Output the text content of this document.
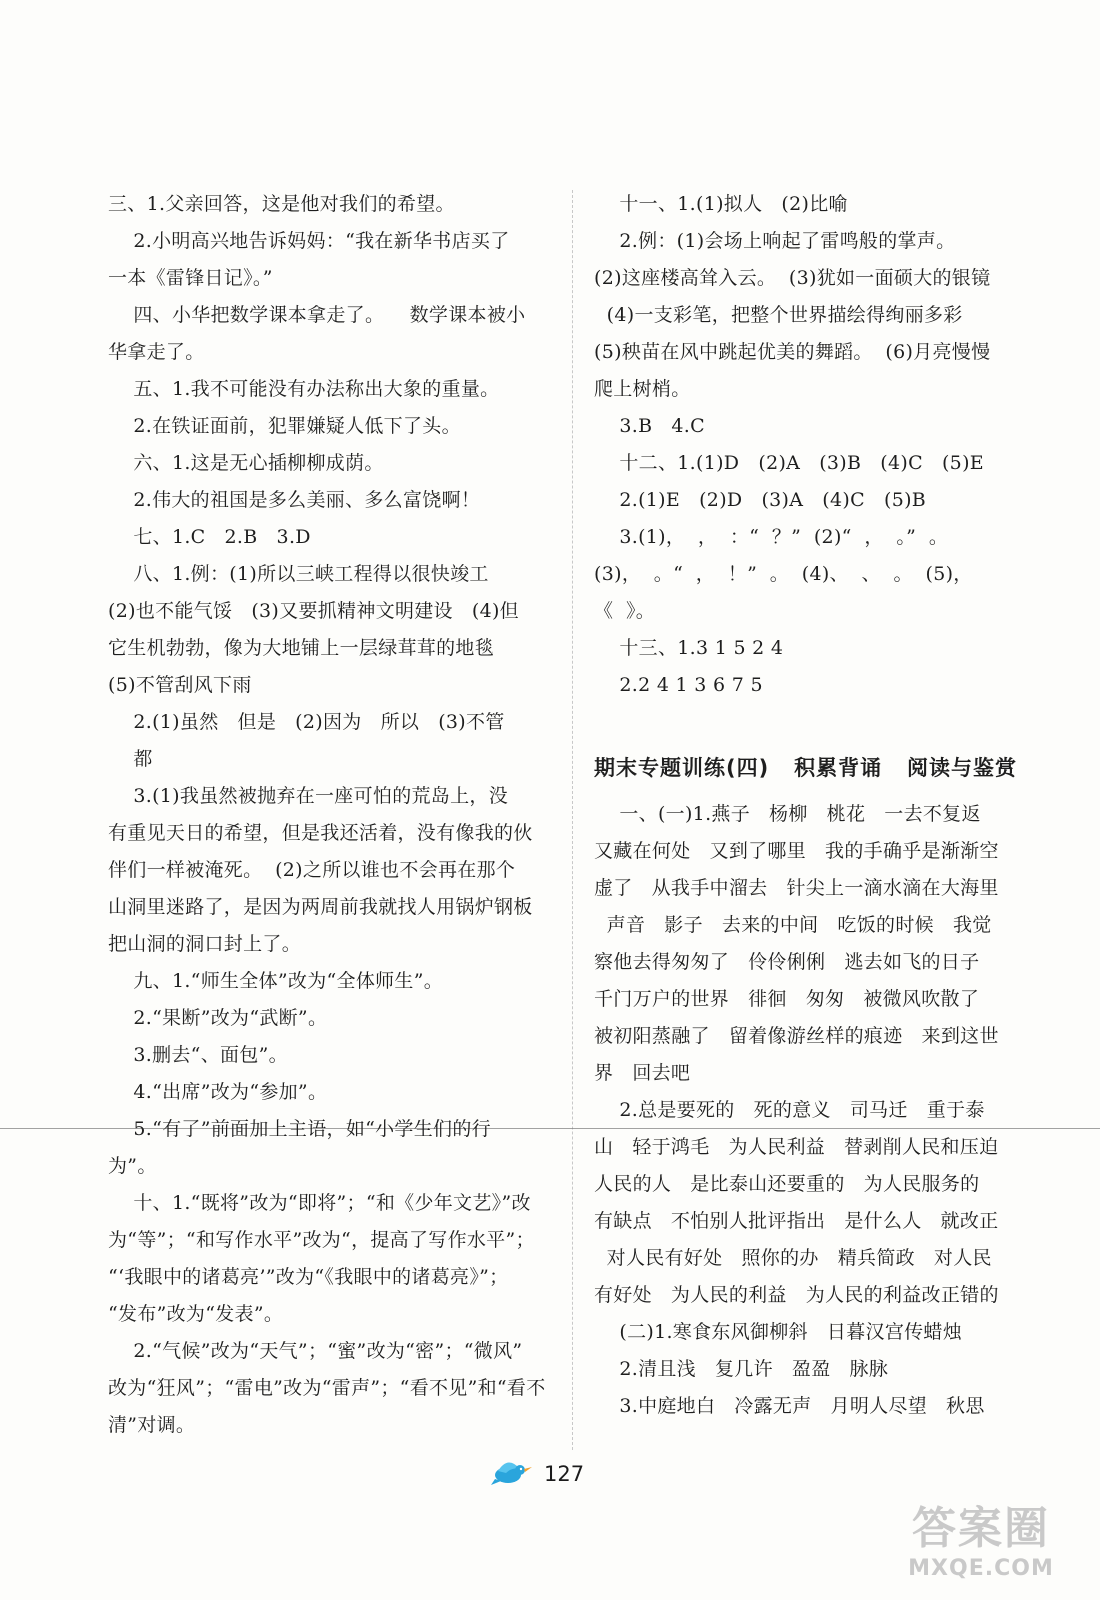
三、1.父亲回答，这是他对我们的希望。
2.小明高兴地告诉妈妈：“我在新华书店买了
一本《雷锋日记》。”
四、小华把数学课本拿走了。    数学课本被小
华拿走了。
五、1.我不可能没有办法称出大象的重量。
2.在铁证面前，犯罪嫌疑人低下了头。
六、1.这是无心插柳柳成荫。
2.伟大的祖国是多么美丽、多么富饶啊！
七、1.C   2.B   3.D
八、1.例：(1)所以三峡工程得以很快竣工
(2)也不能气馁   (3)又要抓精神文明建设   (4)但
它生机勃勃，像为大地铺上一层绿茸茸的地毯
(5)不管刮风下雨
2.(1)虽然   但是   (2)因为   所以   (3)不管
都
3.(1)我虽然被抛弃在一座可怕的荒岛上，没
有重见天日的希望，但是我还活着，没有像我的伙
伴们一样被淹死。  (2)之所以谁也不会再在那个
山洞里迷路了，是因为两周前我就找人用锅炉钢板
把山洞的洞口封上了。
九、1.“师生全体”改为“全体师生”。
2.“果断”改为“武断”。
3.删去“、面包”。
4.“出席”改为“参加”。
5.“有了”前面加上主语，如“小学生们的行
为”。
十、1.“既将”改为“即将”；“和《少年文艺》”改
为“等”；“和写作水平”改为“，提高了写作水平”；
“‘我眼中的诸葛亮’”改为“《我眼中的诸葛亮》”；
“发布”改为“发表”。
2.“气候”改为“天气”；“蜜”改为“密”；“微风”
改为“狂风”；“雷电”改为“雷声”；“看不见”和“看不
清”对调。
十一、1.(1)拟人   (2)比喻
2.例：(1)会场上响起了雷鸣般的掌声。
(2)这座楼高耸入云。  (3)犹如一面硕大的银镜
(4)一支彩笔，把整个世界描绘得绚丽多彩
(5)秧苗在风中跳起优美的舞蹈。  (6)月亮慢慢
爬上树梢。
3.B   4.C
十二、1.(1)D   (2)A   (3)B   (4)C   (5)E
2.(1)E   (2)D   (3)A   (4)C   (5)B
3.(1)，  ，  ：“  ？”  (2)“  ，  。”  。
(3)，  。“  ，  ！”  。  (4)、  、  。  (5)，
《  》。
十三、1.3 1 5 2 4
2.2 4 1 3 6 7 5
期末专题训练(四)   积累背诵   阅读与鉴赏
一、(一)1.燕子   杨柳   桃花   一去不复返
又藏在何处   又到了哪里   我的手确乎是渐渐空
虚了   从我手中溜去   针尖上一滴水滴在大海里
声音   影子   去来的中间   吃饭的时候   我觉
察他去得匆匆了   伶伶俐俐   逃去如飞的日子
千门万户的世界   徘徊   匆匆   被微风吹散了
被初阳蒸融了   留着像游丝样的痕迹   来到这世
界   回去吧
2.总是要死的   死的意义   司马迁   重于泰
山   轻于鸿毛   为人民利益   替剥削人民和压迫
人民的人   是比泰山还要重的   为人民服务的
有缺点   不怕别人批评指出   是什么人   就改正
对人民有好处   照你的办   精兵简政   对人民
有好处   为人民的利益   为人民的利益改正错的
(二)1.寒食东风御柳斜   日暮汉宫传蜡烛
2.清且浅   复几许   盈盈   脉脉
3.中庭地白   冷露无声   月明人尽望   秋思
127
答案圈
MXQE.COM
